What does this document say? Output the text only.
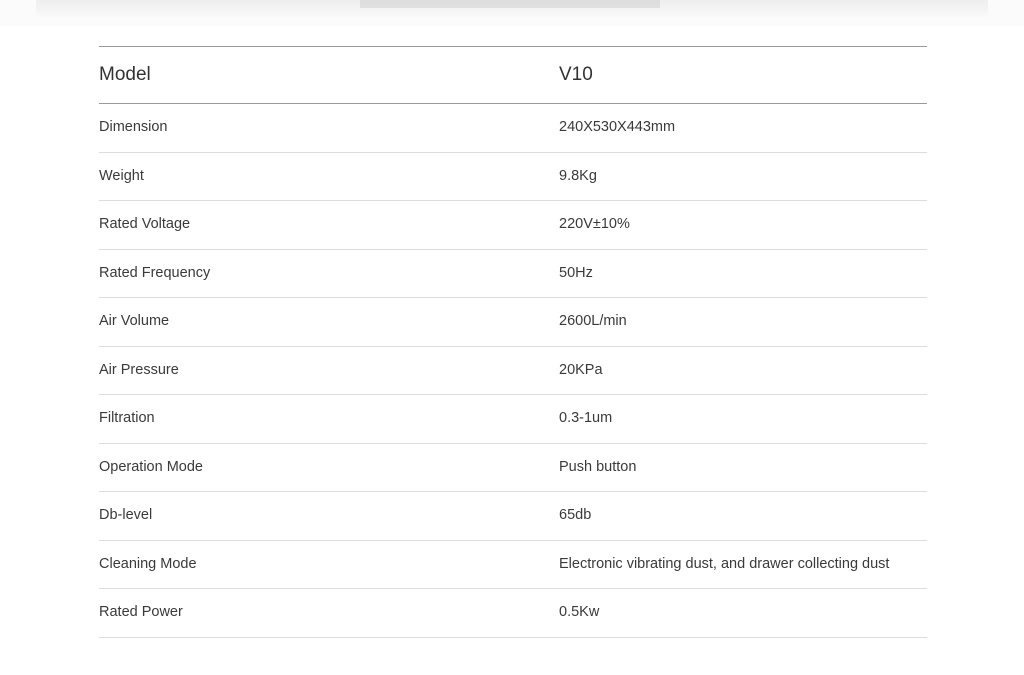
Model	V10
Dimension	240X530X443mm
Weight	9.8Kg
Rated Voltage	220V±10%
Rated Frequency	50Hz
Air Volume	2600L/min
Air Pressure	20KPa
Filtration	0.3-1um
Operation Mode	Push button
Db-level	65db
Cleaning Mode	Electronic vibrating dust, and drawer collecting dust
Rated Power	0.5Kw
